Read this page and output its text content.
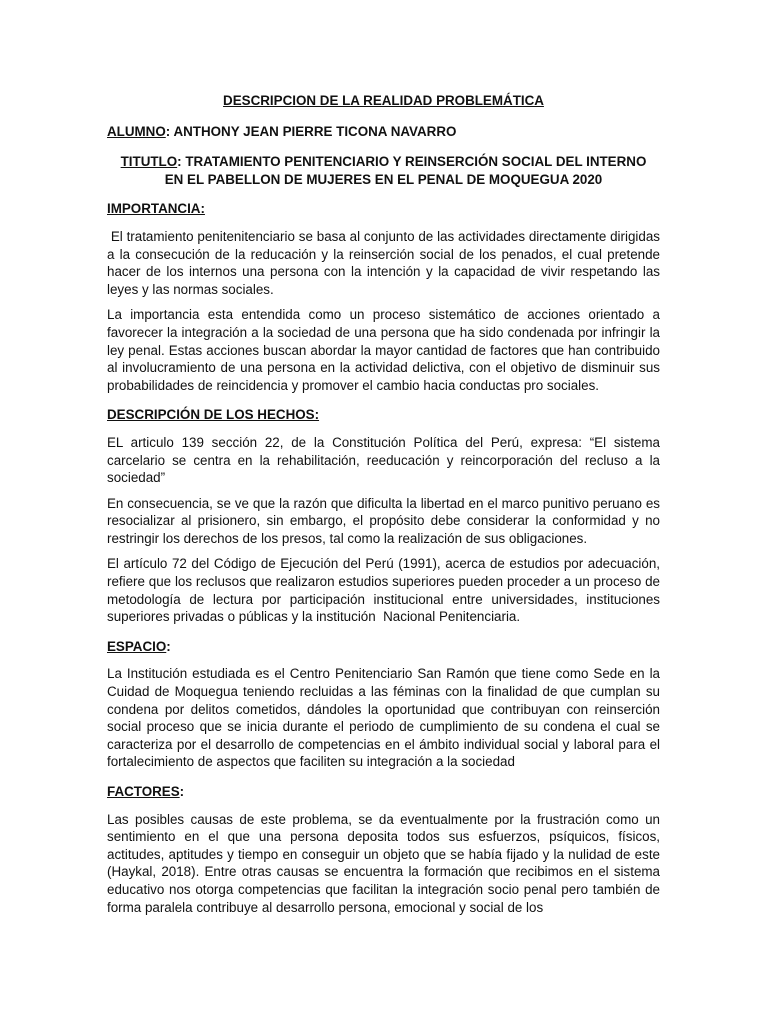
DESCRIPCION DE LA REALIDAD PROBLEMÁTICA

ALUMNO: ANTHONY JEAN PIERRE TICONA NAVARRO

TITUTLO: TRATAMIENTO PENITENCIARIO Y REINSERCIÓN SOCIAL DEL INTERNO
EN EL PABELLON DE MUJERES EN EL PENAL DE MOQUEGUA 2020

IMPORTANCIA:

El tratamiento penitenitenciario se basa al conjunto de las actividades directamente dirigidas a la consecución de la reducación y la reinserción social de los penados, el cual pretende hacer de los internos una persona con la intención y la capacidad de vivir respetando las leyes y las normas sociales.

La importancia esta entendida como un proceso sistemático de acciones orientado a favorecer la integración a la sociedad de una persona que ha sido condenada por infringir la ley penal. Estas acciones buscan abordar la mayor cantidad de factores que han contribuido al involucramiento de una persona en la actividad delictiva, con el objetivo de disminuir sus probabilidades de reincidencia y promover el cambio hacia conductas pro sociales.

DESCRIPCIÓN DE LOS HECHOS:

EL articulo 139 sección 22, de la Constitución Política del Perú, expresa: “El sistema carcelario se centra en la rehabilitación, reeducación y reincorporación del recluso a la sociedad”

En consecuencia, se ve que la razón que dificulta la libertad en el marco punitivo peruano es resocializar al prisionero, sin embargo, el propósito debe considerar la conformidad y no restringir los derechos de los presos, tal como la realización de sus obligaciones.

El artículo 72 del Código de Ejecución del Perú (1991), acerca de estudios por adecuación, refiere que los reclusos que realizaron estudios superiores pueden proceder a un proceso de metodología de lectura por participación institucional entre universidades, instituciones superiores privadas o públicas y la institución  Nacional Penitenciaria.

ESPACIO:

La Institución estudiada es el Centro Penitenciario San Ramón que tiene como Sede en la Cuidad de Moquegua teniendo recluidas a las féminas con la finalidad de que cumplan su condena por delitos cometidos, dándoles la oportunidad que contribuyan con reinserción social proceso que se inicia durante el periodo de cumplimiento de su condena el cual se caracteriza por el desarrollo de competencias en el ámbito individual social y laboral para el fortalecimiento de aspectos que faciliten su integración a la sociedad

FACTORES:

Las posibles causas de este problema, se da eventualmente por la frustración como un sentimiento en el que una persona deposita todos sus esfuerzos, psíquicos, físicos, actitudes, aptitudes y tiempo en conseguir un objeto que se había fijado y la nulidad de este (Haykal, 2018). Entre otras causas se encuentra la formación que recibimos en el sistema educativo nos otorga competencias que facilitan la integración socio penal pero también de forma paralela contribuye al desarrollo persona, emocional y social de los
